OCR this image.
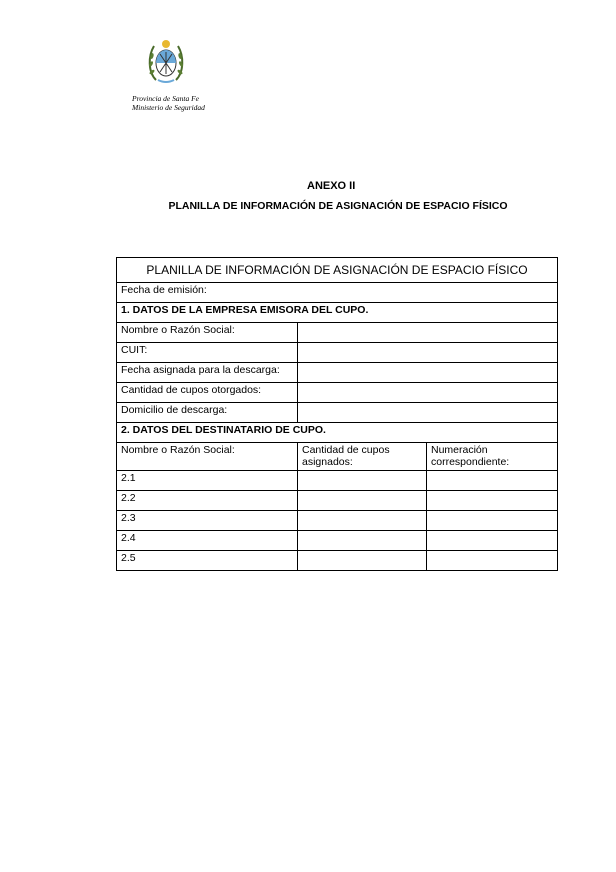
Provincia de Santa Fe
Ministerio de Seguridad
ANEXO II
PLANILLA DE INFORMACIÓN DE ASIGNACIÓN DE ESPACIO FÍSICO
PLANILLA DE INFORMACIÓN DE ASIGNACIÓN DE ESPACIO FÍSICO		
Fecha de emisión:		
1. DATOS DE LA EMPRESA EMISORA DEL CUPO.		
Nombre o Razón Social:		
CUIT:		
Fecha asignada para la descarga:		
Cantidad de cupos otorgados:		
Domicilio de descarga:		
2. DATOS DEL DESTINATARIO DE CUPO.		
Nombre o Razón Social:	Cantidad de cupos asignados:	Numeración correspondiente:
2.1		
2.2		
2.3		
2.4		
2.5		
